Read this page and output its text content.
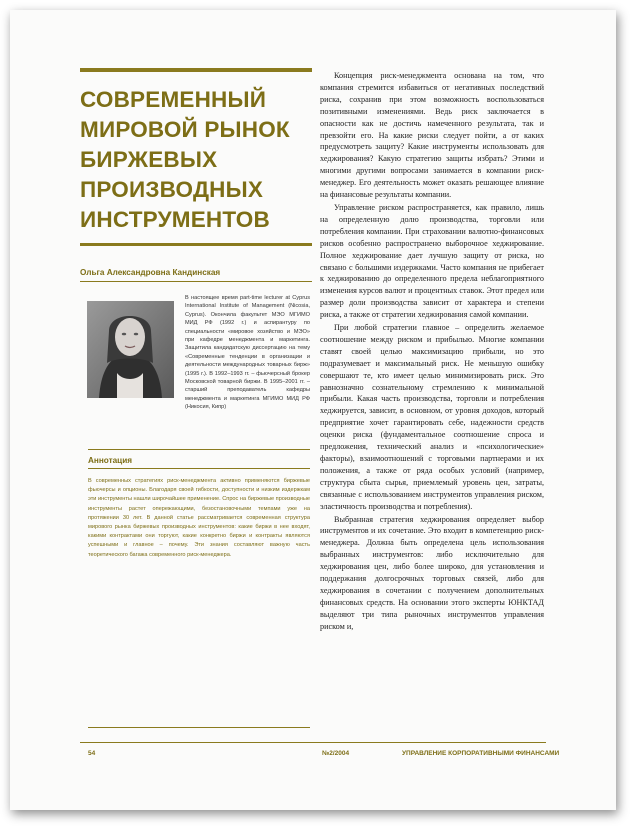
СОВРЕМЕННЫЙ МИРОВОЙ РЫНОК БИРЖЕВЫХ ПРОИЗВОДНЫХ ИНСТРУМЕНТОВ
Ольга Александровна Кандинская

В настоящее время part-time lecturer at Cyprus International Institute of Management (Nicosia, Cyprus). Окончила факультет МЭО МГИМО МИД РФ (1992 г.) и аспирантуру по специальности «мировое хозяйство и МЭО» при кафедре менеджмента и маркетинга. Защитила кандидатскую диссертацию на тему «Современные тенденции в организации и деятельности международных товарных бирж» (1995 г.). В 1992–1993 гг. – фьючерсный брокер Московской товарной биржи. В 1995–2001 гг. – старший преподаватель кафедры менеджмента и маркетинга МГИМО МИД РФ (Никосия, Кипр)

Аннотация

В современных стратегиях риск-менеджмента активно применяются биржевые фьючерсы и опционы. Благодаря своей гибкости, доступности и низким издержкам эти инструменты нашли широчайшее применение. Спрос на биржевые производные инструменты растет опережающими, безостановочными темпами уже на протяжении 30 лет. В данной статье рассматривается современная структура мирового рынка биржевых производных инструментов: какие биржи в нее входят, какими контрактами они торгуют, какие конкретно биржи и контракты являются успешными и главное – почему. Эти знания составляют важную часть теоретического багажа современного риск-менеджера.

Концепция риск-менеджмента основана на том, что компания стремится избавиться от негативных последствий риска, сохранив при этом возможность воспользоваться позитивными изменениями. Ведь риск заключается в опасности как не достичь намеченного результата, так и превзойти его. На какие риски следует пойти, а от каких предусмотреть защиту? Какие инструменты использовать для хеджирования? Какую стратегию защиты избрать? Этими и многими другими вопросами занимается в компании риск-менеджер. Его деятельность может оказать решающее влияние на финансовые результаты компании.

Управление риском распространяется, как правило, лишь на определенную долю производства, торговли или потребления компании. При страховании валютно-финансовых рисков особенно распространено выборочное хеджирование. Полное хеджирование дает лучшую защиту от риска, но связано с большими издержками. Часто компания не прибегает к хеджированию до определенного предела неблагоприятного изменения курсов валют и процентных ставок. Этот предел или размер доли производства зависит от характера и степени риска, а также от стратегии хеджирования самой компании.

При любой стратегии главное – определить желаемое соотношение между риском и прибылью. Многие компании ставят своей целью максимизацию прибыли, но это подразумевает и максимальный риск. Не меньшую ошибку совершают те, кто имеет целью минимизировать риск. Это равнозначно сознательному стремлению к минимальной прибыли. Какая часть производства, торговли и потребления хеджируется, зависит, в основном, от уровня доходов, который предприятие хочет гарантировать себе, надежности средств оценки риска (фундаментальное соотношение спроса и предложения, технический анализ и «психологические» факторы), взаимоотношений с торговыми партнерами и их положения, а также от ряда особых условий (например, структура сбыта сырья, приемлемый уровень цен, затраты, связанные с использованием инструментов управления риском, эластичность производства и потребления).

Выбранная стратегия хеджирования определяет выбор инструментов и их сочетание. Это входит в компетенцию риск-менеджера. Должна быть определена цель использования выбранных инструментов: либо исключительно для хеджирования цен, либо более широко, для установления и поддержания долгосрочных торговых связей, либо для хеджирования в сочетании с получением дополнительных финансовых средств. На основании этого эксперты ЮНКТАД выделяют три типа рыночных инструментов управления риском и,

54	№2/2004	УПРАВЛЕНИЕ КОРПОРАТИВНЫМИ ФИНАНСАМИ
